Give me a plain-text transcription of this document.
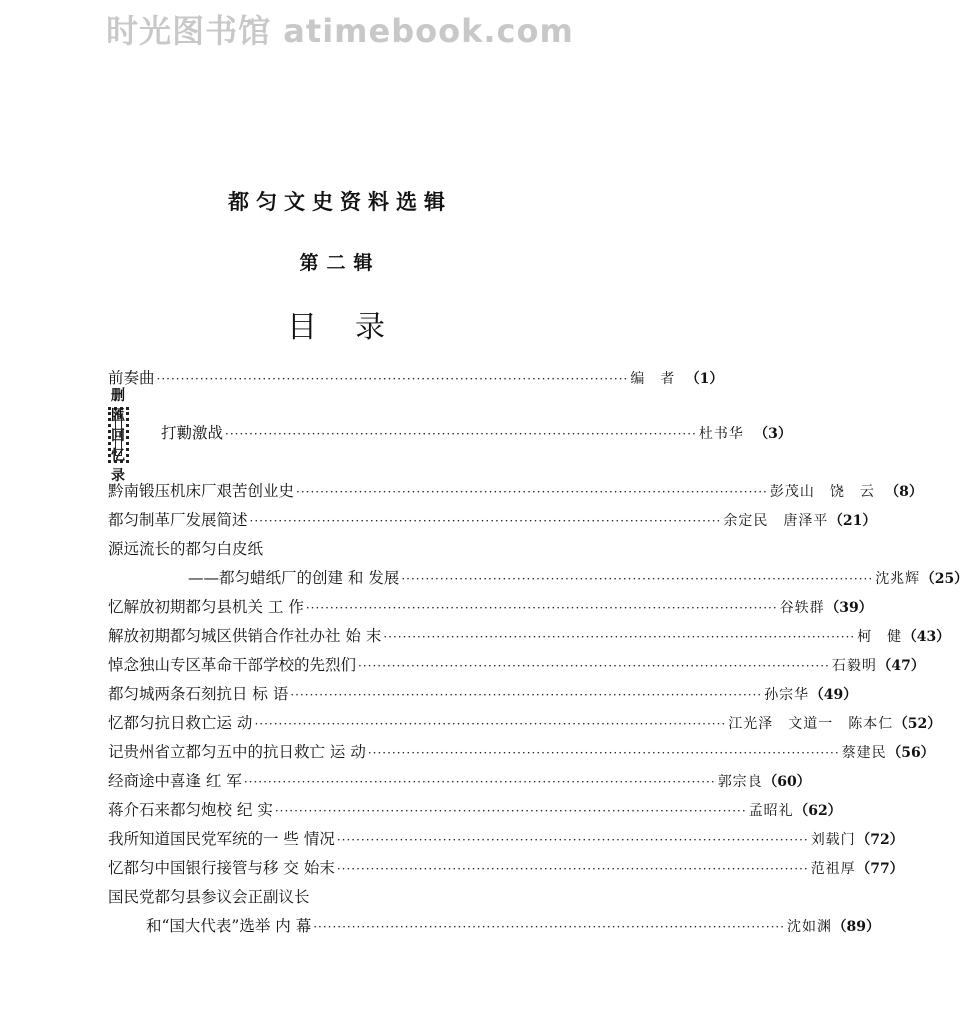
时光图书馆 atimebook.com
都匀文史资料选辑
第二辑
目录
前奏曲 ·····	编　者 （1）
删匯回忆录
打勷激战 ·····	杜书华 （3）
黔南锻压机床厂艰苦创业史 ·····	彭茂山　饶　云 （8）
都匀制革厂发展简述 ·····	余定民　唐泽平 （21）
源远流长的都匀白皮纸
——都匀蜡纸厂的创建 和 发展 ·····	沈兆辉 （25）
忆解放初期都匀县机关 工 作 ·····	谷轶群 （39）
解放初期都匀城区供销合作社办社 始 末 ·····	柯　健 （43）
悼念独山专区革命干部学校的先烈们 ·····	石毅明 （47）
都匀城两条石刻抗日 标 语 ·····	孙宗华 （49）
忆都匀抗日救亡运 动 ·····	江光泽　文道一　陈本仁 （52）
记贵州省立都匀五中的抗日救亡 运 动 ·····	蔡建民 （56）
经商途中喜逢 红 军 ·····	郭宗良 （60）
蒋介石来都匀炮校 纪 实 ·····	孟昭礼 （62）
我所知道国民党军统的一 些 情况 ·····	刘载门 （72）
忆都匀中国银行接管与移 交 始末 ·····	范祖厚 （77）
国民党都匀县参议会正副议长
和“国大代表”选举 内 幕 ·····	沈如渊 （89）
